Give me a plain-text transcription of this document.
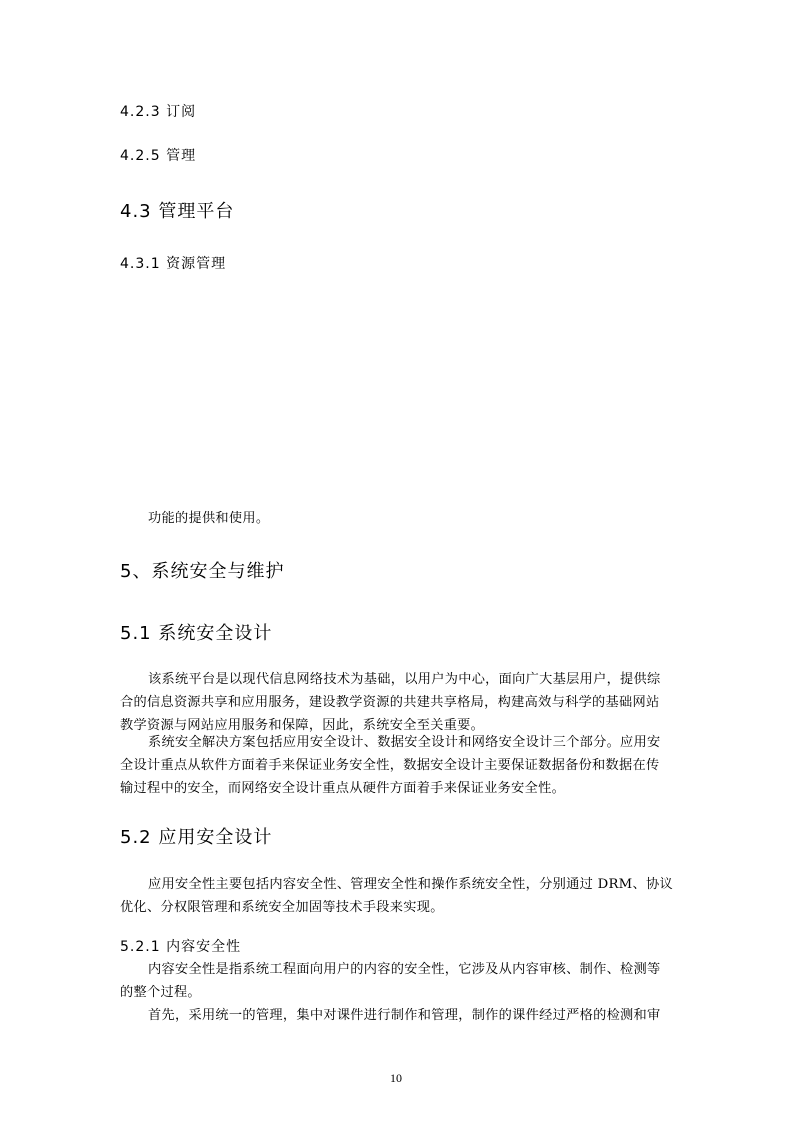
4.2.3 订阅
4.2.5 管理
4.3 管理平台
4.3.1 资源管理
功能的提供和使用。
5、系统安全与维护
5.1 系统安全设计
该系统平台是以现代信息网络技术为基础，以用户为中心，面向广大基层用户，提供综
合的信息资源共享和应用服务，建设教学资源的共建共享格局，构建高效与科学的基础网站
教学资源与网站应用服务和保障，因此，系统安全至关重要。
系统安全解决方案包括应用安全设计、数据安全设计和网络安全设计三个部分。应用安
全设计重点从软件方面着手来保证业务安全性，数据安全设计主要保证数据备份和数据在传
输过程中的安全，而网络安全设计重点从硬件方面着手来保证业务安全性。
5.2 应用安全设计
应用安全性主要包括内容安全性、管理安全性和操作系统安全性，分别通过 DRM、协议
优化、分权限管理和系统安全加固等技术手段来实现。
5.2.1 内容安全性
内容安全性是指系统工程面向用户的内容的安全性，它涉及从内容审核、制作、检测等
的整个过程。
首先，采用统一的管理，集中对课件进行制作和管理，制作的课件经过严格的检测和审
10
